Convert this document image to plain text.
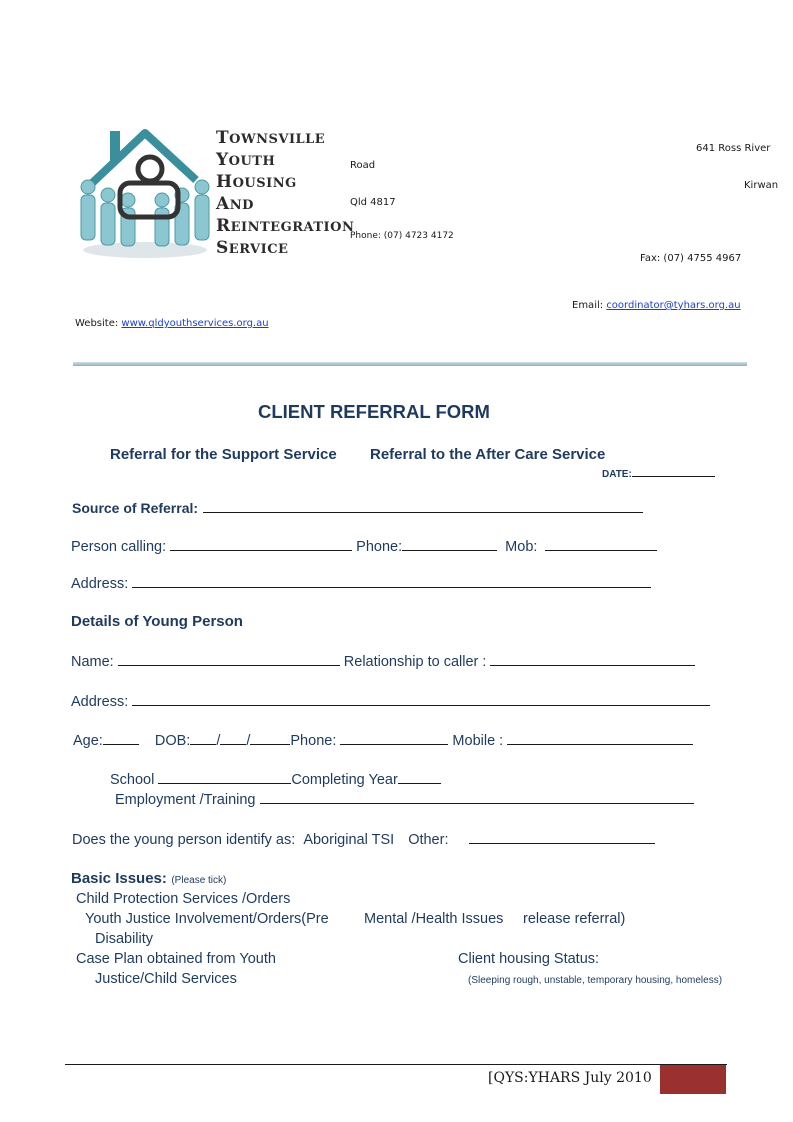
TOWNSVILLE
YOUTH
HOUSING
AND
REINTEGRATION
SERVICE
641 Ross River
Road
Kirwan
Qld 4817
Phone: (07) 4723 4172
Fax: (07) 4755 4967
Email: coordinator@tyhars.org.au
Website: www.qldyouthservices.org.au
CLIENT REFERRAL FORM
Referral for the Support Service Referral to the After Care Service
DATE:
Source of Referral:
Person calling:	Phone:	Mob:
Address:
Details of Young Person
Name:	Relationship to caller :
Address:
Age:	DOB: / /	Phone:	Mobile :
School	Completing Year
Employment /Training
Does the young person identify as: Aboriginal TSI Other:
Basic Issues: (Please tick)
Child Protection Services /Orders
Youth Justice Involvement/Orders(Pre Mental /Health Issues release referral)
Disability
Case Plan obtained from Youth
Justice/Child Services
Client housing Status:
(Sleeping rough, unstable, temporary housing, homeless)
[QYS:YHARS July 2010
